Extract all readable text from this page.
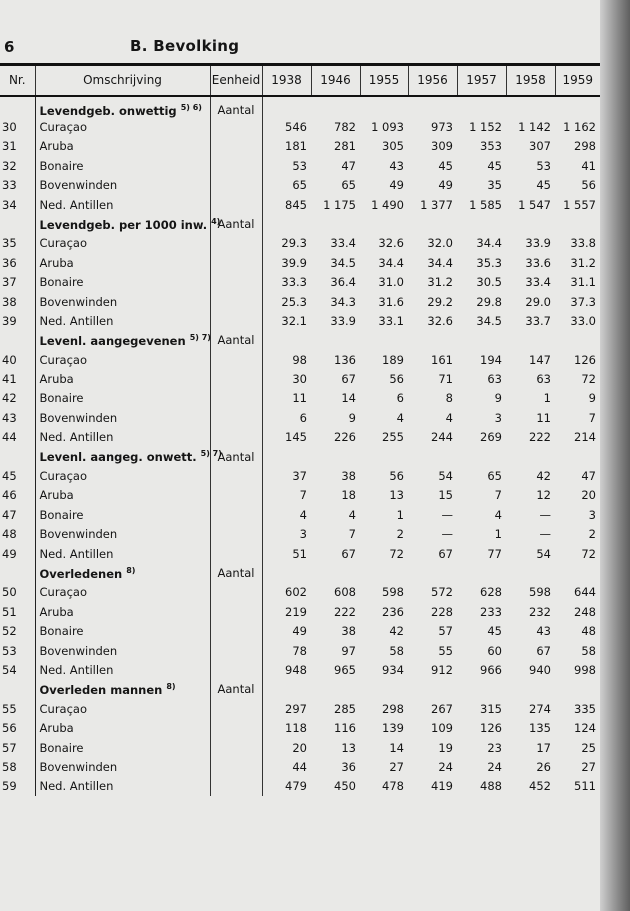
6	B. Bevolking
Nr.	Omschrijving	Eenheid	1938	1946	1955	1956	1957	1958	1959
	Levendgeb. onwettig $^{5) 6)}$	Aantal							
30	Curaçao		546	782	1 093	973	1 152	1 142	1 162
31	Aruba		181	281	305	309	353	307	298
32	Bonaire		53	47	43	45	45	53	41
33	Bovenwinden		65	65	49	49	35	45	56
34	Ned. Antillen		845	1 175	1 490	1 377	1 585	1 547	1 557
	Levendgeb. per 1000 inw. $^{4)}$	Aantal							
35	Curaçao		29.3	33.4	32.6	32.0	34.4	33.9	33.8
36	Aruba		39.9	34.5	34.4	34.4	35.3	33.6	31.2
37	Bonaire		33.3	36.4	31.0	31.2	30.5	33.4	31.1
38	Bovenwinden		25.3	34.3	31.6	29.2	29.8	29.0	37.3
39	Ned. Antillen		32.1	33.9	33.1	32.6	34.5	33.7	33.0
	Levenl. aangegevenen $^{5) 7)}$	Aantal							
40	Curaçao		98	136	189	161	194	147	126
41	Aruba		30	67	56	71	63	63	72
42	Bonaire		11	14	6	8	9	1	9
43	Bovenwinden		6	9	4	4	3	11	7
44	Ned. Antillen		145	226	255	244	269	222	214
	Levenl. aangeg. onwett. $^{5) 7)}$	Aantal							
45	Curaçao		37	38	56	54	65	42	47
46	Aruba		7	18	13	15	7	12	20
47	Bonaire		4	4	1	—	4	—	3
48	Bovenwinden		3	7	2	—	1	—	2
49	Ned. Antillen		51	67	72	67	77	54	72
	Overledenen $^{8)}$	Aantal							
50	Curaçao		602	608	598	572	628	598	644
51	Aruba		219	222	236	228	233	232	248
52	Bonaire		49	38	42	57	45	43	48
53	Bovenwinden		78	97	58	55	60	67	58
54	Ned. Antillen		948	965	934	912	966	940	998
	Overleden mannen $^{8)}$	Aantal							
55	Curaçao		297	285	298	267	315	274	335
56	Aruba		118	116	139	109	126	135	124
57	Bonaire		20	13	14	19	23	17	25
58	Bovenwinden		44	36	27	24	24	26	27
59	Ned. Antillen		479	450	478	419	488	452	511
